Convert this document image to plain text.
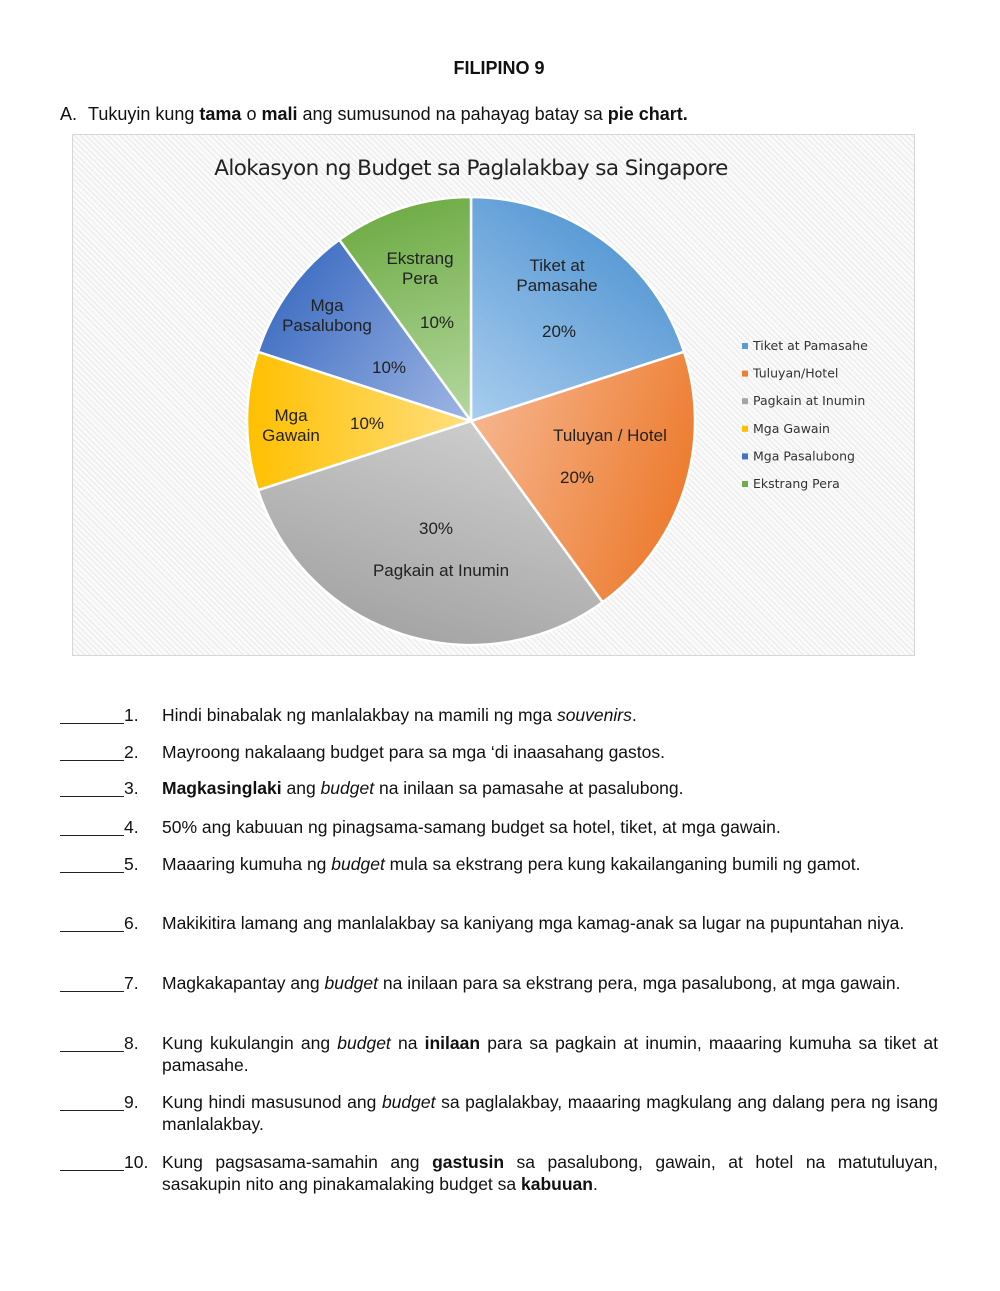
FILIPINO 9
A. Tukuyin kung tama o mali ang sumusunod na pahayag batay sa pie chart.
Alokasyon ng Budget sa Paglalakbay sa Singapore
Tiket at
Pamasahe
20%
Tuluyan / Hotel
20%
Pagkain at Inumin
30%
Mga
Gawain
10%
Mga
Pasalubong
10%
Ekstrang
Pera
10%
Tiket at Pamasahe
Tuluyan/Hotel
Pagkain at Inumin
Mga Gawain
Mga Pasalubong
Ekstrang Pera
1. Hindi binabalak ng manlalakbay na mamili ng mga souvenirs.
2. Mayroong nakalaang budget para sa mga ‘di inaasahang gastos.
3. Magkasinglaki ang budget na inilaan sa pamasahe at pasalubong.
4. 50% ang kabuuan ng pinagsama-samang budget sa hotel, tiket, at mga gawain.
5. Maaaring kumuha ng budget mula sa ekstrang pera kung kakailanganing bumili ng gamot.
6. Makikitira lamang ang manlalakbay sa kaniyang mga kamag-anak sa lugar na pupuntahan niya.
7. Magkakapantay ang budget na inilaan para sa ekstrang pera, mga pasalubong, at mga gawain.
8. Kung kukulangin ang budget na inilaan para sa pagkain at inumin, maaaring kumuha sa tiket at pamasahe.
9. Kung hindi masusunod ang budget sa paglalakbay, maaaring magkulang ang dalang pera ng isang manlalakbay.
10. Kung pagsasama-samahin ang gastusin sa pasalubong, gawain, at hotel na matutuluyan, sasakupin nito ang pinakamalaking budget sa kabuuan.
